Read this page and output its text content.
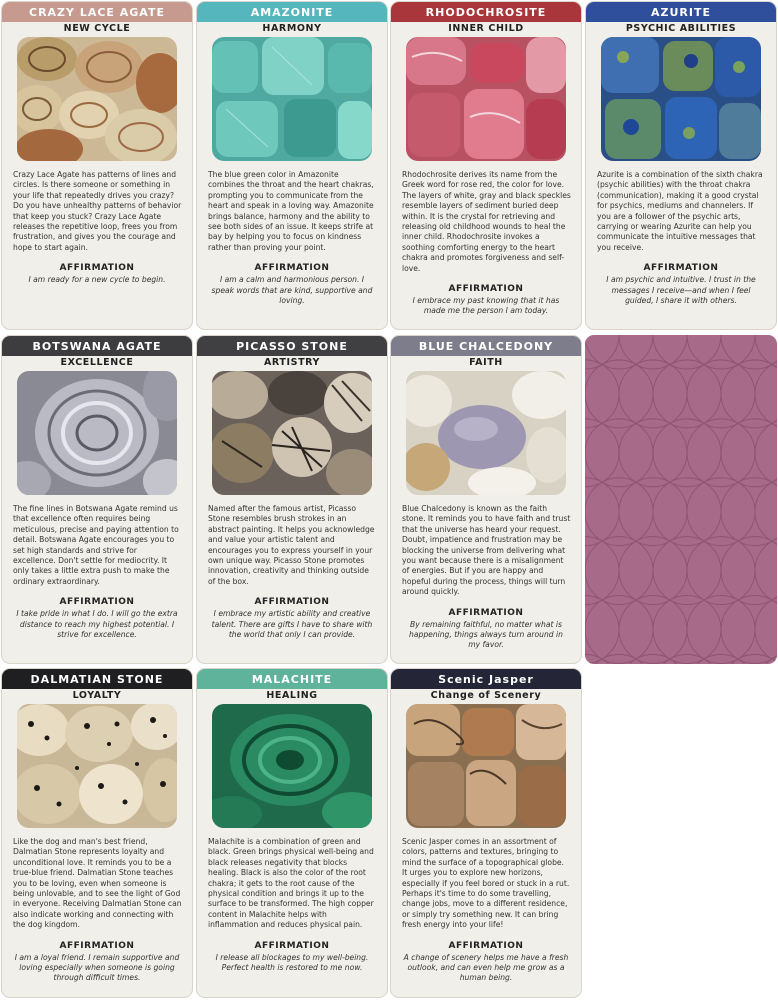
CRAZY LACE AGATE
NEW CYCLE
Crazy Lace Agate has patterns of lines and circles. Is there someone or something in your life that repeatedly drives you crazy? Do you have unhealthy patterns of behavior that keep you stuck? Crazy Lace Agate releases the repetitive loop, frees you from frustration, and gives you the courage and hope to start again.
AFFIRMATION
I am ready for a new cycle to begin.
AMAZONITE
HARMONY
The blue green color in Amazonite combines the throat and the heart chakras, prompting you to communicate from the heart and speak in a loving way. Amazonite brings balance, harmony and the ability to see both sides of an issue. It keeps strife at bay by helping you to focus on kindness rather than proving your point.
AFFIRMATION
I am a calm and harmonious person. I speak words that are kind, supportive and loving.
RHODOCHROSITE
INNER CHILD
Rhodochrosite derives its name from the Greek word for rose red, the color for love. The layers of white, gray and black speckles resemble layers of sediment buried deep within. It is the crystal for retrieving and releasing old childhood wounds to heal the inner child. Rhodochrosite invokes a soothing comforting energy to the heart chakra and promotes forgiveness and self-love.
AFFIRMATION
I embrace my past knowing that it has made me the person I am today.
AZURITE
PSYCHIC ABILITIES
Azurite is a combination of the sixth chakra (psychic abilities) with the throat chakra (communication), making it a good crystal for psychics, mediums and channelers. If you are a follower of the psychic arts, carrying or wearing Azurite can help you communicate the intuitive messages that you receive.
AFFIRMATION
I am psychic and intuitive. I trust in the messages I receive—and when I feel guided, I share it with others.
BOTSWANA AGATE
EXCELLENCE
The fine lines in Botswana Agate remind us that excellence often requires being meticulous, precise and paying attention to detail. Botswana Agate encourages you to set high standards and strive for excellence. Don't settle for mediocrity. It only takes a little extra push to make the ordinary extraordinary.
AFFIRMATION
I take pride in what I do. I will go the extra distance to reach my highest potential. I strive for excellence.
PICASSO STONE
ARTISTRY
Named after the famous artist, Picasso Stone resembles brush strokes in an abstract painting. It helps you acknowledge and value your artistic talent and encourages you to express yourself in your own unique way. Picasso Stone promotes innovation, creativity and thinking outside of the box.
AFFIRMATION
I embrace my artistic ability and creative talent. There are gifts I have to share with the world that only I can provide.
BLUE CHALCEDONY
FAITH
Blue Chalcedony is known as the faith stone. It reminds you to have faith and trust that the universe has heard your request. Doubt, impatience and frustration may be blocking the universe from delivering what you want because there is a misalignment of energies. But if you are happy and hopeful during the process, things will turn around quickly.
AFFIRMATION
By remaining faithful, no matter what is happening, things always turn around in my favor.
DALMATIAN STONE
LOYALTY
Like the dog and man's best friend, Dalmatian Stone represents loyalty and unconditional love. It reminds you to be a true-blue friend. Dalmatian Stone teaches you to be loving, even when someone is being unlovable, and to see the light of God in everyone. Receiving Dalmatian Stone can also indicate working and connecting with the dog kingdom.
AFFIRMATION
I am a loyal friend. I remain supportive and loving especially when someone is going through difficult times.
MALACHITE
HEALING
Malachite is a combination of green and black. Green brings physical well-being and black releases negativity that blocks healing. Black is also the color of the root chakra; it gets to the root cause of the physical condition and brings it up to the surface to be transformed. The high copper content in Malachite helps with inflammation and reduces physical pain.
AFFIRMATION
I release all blockages to my well-being. Perfect health is restored to me now.
Scenic Jasper
Change of Scenery
Scenic Jasper comes in an assortment of colors, patterns and textures, bringing to mind the surface of a topographical globe. It urges you to explore new horizons, especially if you feel bored or stuck in a rut. Perhaps it's time to do some travelling, change jobs, move to a different residence, or simply try something new. It can bring fresh energy into your life!
AFFIRMATION
A change of scenery helps me have a fresh outlook, and can even help me grow as a human being.
